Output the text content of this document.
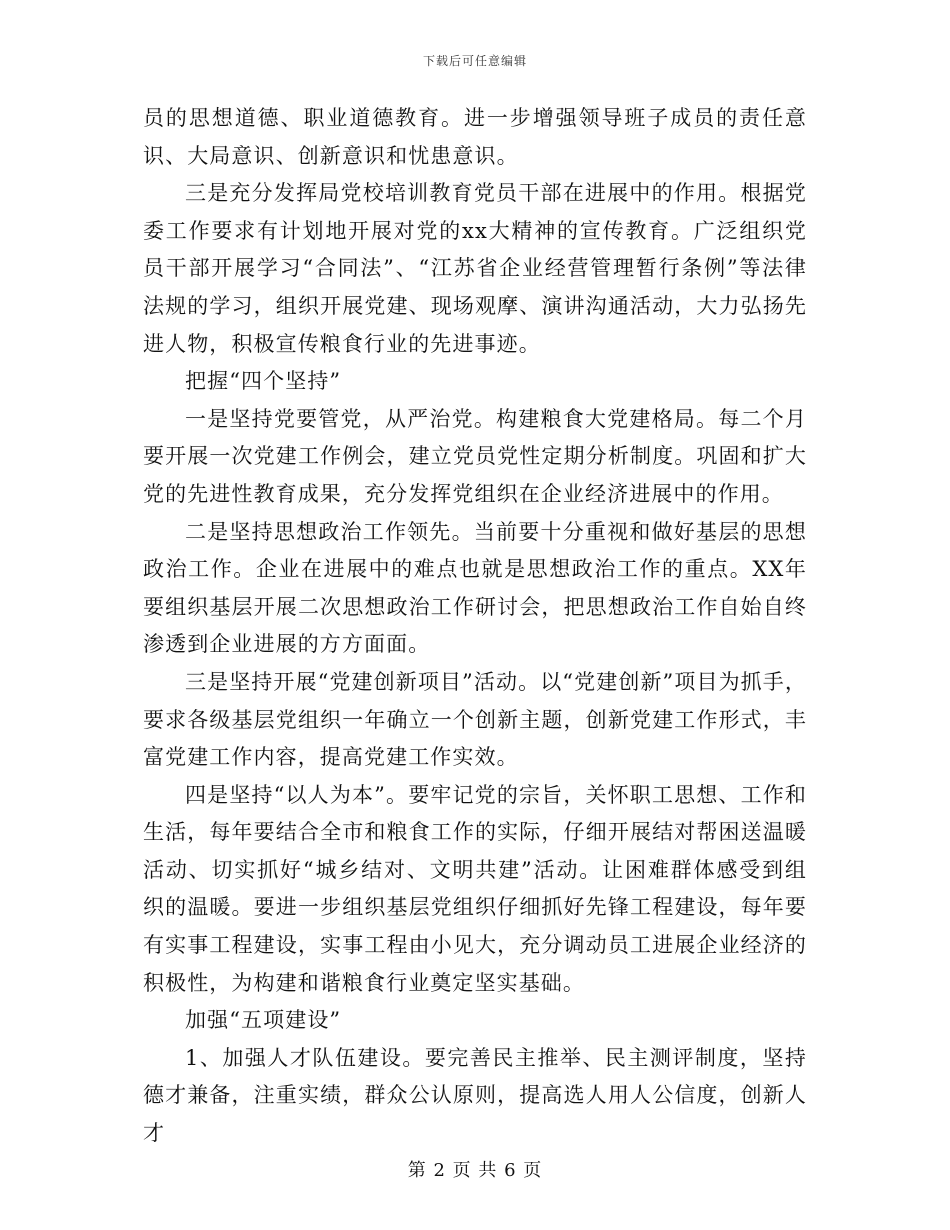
下载后可任意编辑

员的思想道德、职业道德教育。进一步增强领导班子成员的责任意识、大局意识、创新意识和忧患意识。

三是充分发挥局党校培训教育党员干部在进展中的作用。根据党委工作要求有计划地开展对党的xx大精神的宣传教育。广泛组织党员干部开展学习“合同法”、“江苏省企业经营管理暂行条例”等法律法规的学习，组织开展党建、现场观摩、演讲沟通活动，大力弘扬先进人物，积极宣传粮食行业的先进事迹。

把握“四个坚持”

一是坚持党要管党，从严治党。构建粮食大党建格局。每二个月要开展一次党建工作例会，建立党员党性定期分析制度。巩固和扩大党的先进性教育成果，充分发挥党组织在企业经济进展中的作用。

二是坚持思想政治工作领先。当前要十分重视和做好基层的思想政治工作。企业在进展中的难点也就是思想政治工作的重点。XX年要组织基层开展二次思想政治工作研讨会，把思想政治工作自始自终渗透到企业进展的方方面面。

三是坚持开展“党建创新项目”活动。以“党建创新”项目为抓手，要求各级基层党组织一年确立一个创新主题，创新党建工作形式，丰富党建工作内容，提高党建工作实效。

四是坚持“以人为本”。要牢记党的宗旨，关怀职工思想、工作和生活，每年要结合全市和粮食工作的实际，仔细开展结对帮困送温暖活动、切实抓好“城乡结对、文明共建”活动。让困难群体感受到组织的温暖。要进一步组织基层党组织仔细抓好先锋工程建设，每年要有实事工程建设，实事工程由小见大，充分调动员工进展企业经济的积极性，为构建和谐粮食行业奠定坚实基础。

加强“五项建设”

1、加强人才队伍建设。要完善民主推举、民主测评制度，坚持德才兼备，注重实绩，群众公认原则，提高选人用人公信度，创新人才

第 2 页 共 6 页
